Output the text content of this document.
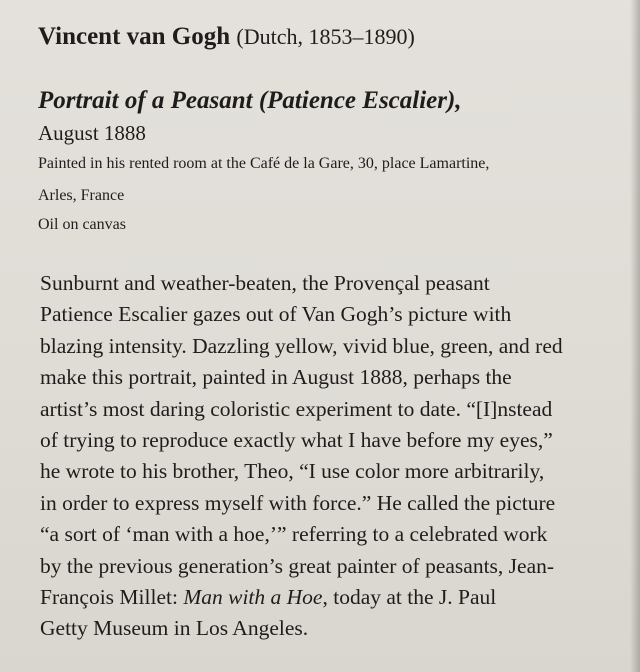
Vincent van Gogh (Dutch, 1853–1890)
Portrait of a Peasant (Patience Escalier),
August 1888
Painted in his rented room at the Café de la Gare, 30, place Lamartine,
Arles, France
Oil on canvas
Sunburnt and weather-beaten, the Provençal peasant
Patience Escalier gazes out of Van Gogh’s picture with
blazing intensity. Dazzling yellow, vivid blue, green, and red
make this portrait, painted in August 1888, perhaps the
artist’s most daring coloristic experiment to date. “[I]nstead
of trying to reproduce exactly what I have before my eyes,”
he wrote to his brother, Theo, “I use color more arbitrarily,
in order to express myself with force.” He called the picture
“a sort of ‘man with a hoe,’” referring to a celebrated work
by the previous generation’s great painter of peasants, Jean-
François Millet: Man with a Hoe, today at the J. Paul
Getty Museum in Los Angeles.
